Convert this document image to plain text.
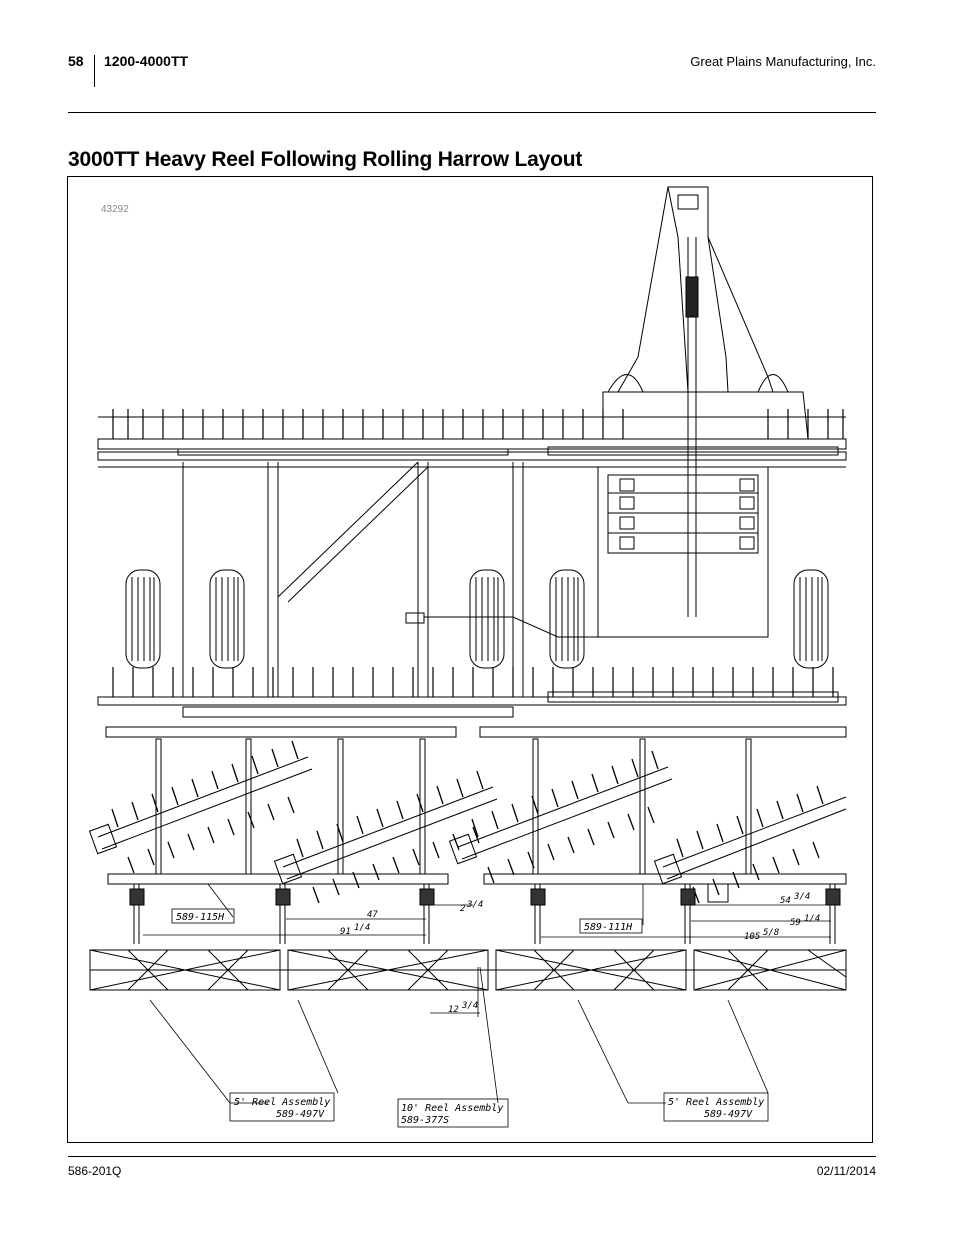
58 1200-4000TT	Great Plains Manufacturing, Inc.
3000TT Heavy Reel Following Rolling Harrow Layout
43292
589-115H
589-111H
47
2 3/4
91 1/4
12 3/4
54 3/4
59 1/4
105 5/8
5' Reel Assembly
589-497V
10' Reel Assembly
589-377S
5' Reel Assembly
589-497V
586-201Q	02/11/2014
